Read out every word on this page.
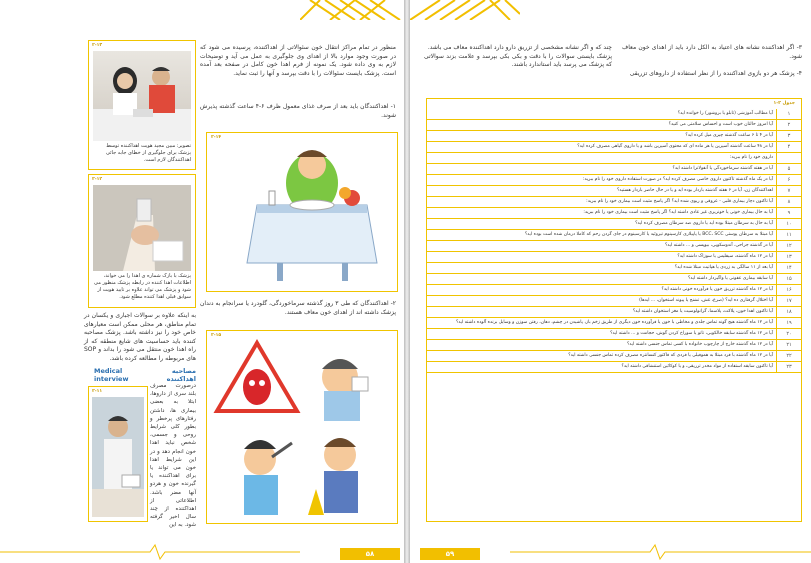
منظور در تمام مراکز انتقال خون سئوالاتی از اهداکننده، پرسیده می شود که در صورت وجود موارد بالا از اهدای وی جلوگیری به عمل می آید و توضیحات لازم به وی داده شود. یک نمونه از فرم اهدا خون کامل در صفحه بعد آمده است. پزشک بایست سئوالات را با دقت بپرسد و آنها را ثبت نماید.
۱- اهداکنندگان باید بعد از صرف غذای معمول ظرف ۶-۴ ساعت گذشته پذیرش شوند.
۲-۱۴
۲- اهداکنندگان که طی ۳ روز گذشته سرماخوردگی، گلودرد یا سرانجام به دندان پزشک داشته اند از اهدای خون معاف هستند.
۲-۱۵
۲-۱۳
تصویر: مبین مجید هویت اهداکننده توسط پزشک برای جلوگیری از خطای جابه جائی اهداکنندگان لازم است.
۲-۱۲
پزشک با بازک شماره ی اهدا را می خواند، اطلاعات اهدا کننده در رابطه پزشک منظور می شود و پزشک می تواند علاوه بر تایید هویت از سوابق قبلی اهدا کننده مطلع شود.
به اینکه علاوه بر سوالات اجباری و یکسان در تمام مناطق، هر محلی ممکن است معیارهای خاص خود را نیز داشته باشد. پزشک مصاحبه کننده باید حساسیت های شایع منطقه که از راه اهدا خون منتقل می شود را بداند و SOP های مربوطه را مطالعه کرده باشد.
مصاحبه اهداکننده
Medical interview
درصورت مصرف بلند سری از داروها، ابتلا به بعضی بیماری ها، داشتن رفتارهای پرخطر و بطور کلی شرایط روحی و جسمی، شخص نباید اهدا خون انجام دهد و در این شرایط اهدا خون می تواند یا برای اهداکننده یا گیرنده خون و هردو آنها مضر باشد. اطلاعاتی از اهداکننده از چند سال اخیر گرفته شود. به این
۲-۱۱
۵۸
۳- اگر اهداکننده نشانه های اعتیاد به الکل دارد باید از اهدای خون معاف شود.
۴- پزشک هر دو بازوی اهداکننده را از نظر استفاده از داروهای تزریقی
چند که و اگر نشانه مشخصی از تزریق دارو دارد اهداکننده معاف می باشد.
پزشک بایستی سوالات را با دقت و بکی بکی بپرسد و علامت بزند سوالاتی که پزشک می پرسد باید استاندارد باشند.
جدول ۲-۱
۱	آیا مطالب آموزشی (تابلو یا بروشور) را خوانده اید؟
۲	آیا امروز حالتان خوب است و احساس سلامتی می کنید؟
۳	آیا در ۴ تا ۶ ساعت گذشته چیزی میل کرده اید؟
۴	آیا در ۴۸ ساعت گذشته آسپرین یا هر ماده ای که محتوی آسپرین باشد و یا داروی گیاهی مصرف کرده اید؟
	داروی خود را نام ببرید:
۵	آیا در هفته گذشته سرماخوردگی یا آنفولانزا داشته اید؟
۶	آیا در یک ماه گذشته تاکنون داروی خاصی مصرف کرده اید؟ در صورت استفاده داروی خود را نام ببرید:
۷	اهداکنندگان زن، آیا در ۶ هفته گذشته باردار بوده اید و یا در حال حاضر باردار هستید؟
۸	آیا تاکنون دچار بیماری قلبی - عروقی و ریوی شده اید؟ اگر پاسخ مثبت است بیماری خود را نام ببرید:
۹	آیا به حال بیماری خونی یا خونریزی غیر عادی داشته اید؟ اگر پاسخ مثبت است بیماری خود را نام ببرید:
۱۰	آیا به حال به سرطان مبتلا بوده اید یا داروی ضد سرطان مصرف کرده اید؟
۱۱	آیا مبتلا به سرطان پوستی BCC، SCC یا پاپیلاری کارسینوم تیروئید یا کارسینوم در جای گردن رحم که کاملا درمان شده است بوده اید؟
۱۲	آیا در گذشته جراحی، آندوسکوپی، بیوپسی و ... داشته اید؟
۱۳	آیا در ۱۲ ماه گذشته، سیفلیس یا سوزاک داشته اید؟
۱۴	آیا بعد از ۱۱ سالگی به زردی یا هپاتیت مبتلا شده اید؟
۱۵	آیا سابقه بیماری عفونی یا واگیردار داشته اید؟
۱۶	آیا در ۱۲ ماه گذشته تزریق خون یا فرآورده خونی داشته اید؟
۱۷	آیا اختلال گرفتاری ده اید؟ (صرع، غش، تشنج یا پیوند استخوان، ... ایدها)
۱۸	آیا تاکنون اهدا خون، پلاکت، پلاسما، گرانولوسیت یا مغز استخوان داشته اید؟
۱۹	آیا در ۱۲ ماه گذشته هیچ گونه تماس جلدی و مخاطی با خون یا فرآورده خون دیگری از طریق زخم باز، پاشیدن در چشم، دهان، رفتن سوزن و وسایل برنده آلوده داشته اید؟
۲۰	آیا در ۱۲ ماه گذشته سابقه خالکوبی، تاتو یا سوراخ کردن گوش، حجامت و ... داشته اید؟
۲۱	آیا در ۱۲ ماه گذشته خارج از چارچوب خانواده با کسی تماس جنسی داشته اید؟
۲۲	آیا در ۱۲ ماه گذشته با فرد مبتلا به هموفیلی یا فردی که فاکتور کنسانتره مصرف کرده تماس جنسی داشته اید؟
۲۳	آیا تاکنون سابقه استفاده از مواد مخدر تزریقی، و یا کوکائین استنشاقی داشته اید؟
۵۹
